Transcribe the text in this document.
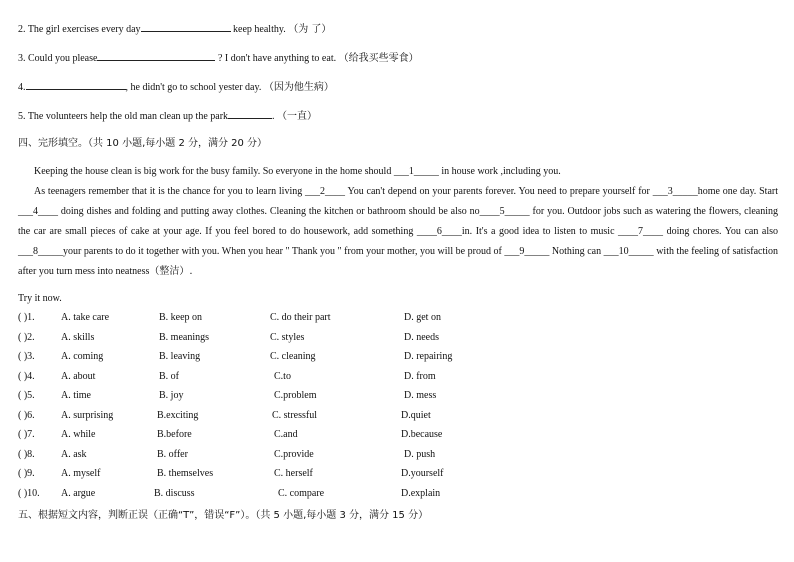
2. The girl exercises every day	keep healthy. （为 了）
3. Could you please	? I don't have anything to eat. （给我买些零食）
4.	, he didn't go to school yester day. （因为他生病）
5. The volunteers help the old man clean up the park	. （一直）
四、完形填空。（共 10 小题,每小题 2 分，满分 20 分）

Keeping the house clean is big work for the busy family. So everyone in the home should ___1_____ in house work ,including you.

As teenagers remember that it is the chance for you to learn living ___2____ You can't depend on your parents forever. You need to prepare yourself for ___3_____home one day. Start ___4____ doing dishes and folding and putting away clothes. Cleaning the kitchen or bathroom should be also no____5_____ for you. Outdoor jobs such as watering the flowers, cleaning the car are small pieces of cake at your age. If you feel bored to do housework, add something ____6____in. It's a good idea to listen to music ____7____ doing chores. You can also ___8_____your parents to do it together with you. When you hear " Thank you " from your mother, you will be proud of ___9_____ Nothing can ___10_____ with the feeling of satisfaction after you turn mess into neatness（整洁）.

Try it now.
( )1.	A. take care	B. keep on	C. do their part	D. get on
( )2.	A. skills	B. meanings	C. styles	D. needs
( )3.	A. coming	B. leaving	C. cleaning	D. repairing
( )4.	A. about	B. of	C.to	D. from
( )5.	A. time	B. joy	C.problem	D. mess
( )6.	A. surprising	B.exciting	C. stressful	D.quiet
( )7.	A. while	B.before	C.and	D.because
( )8.	A. ask	B. offer	C.provide	D. push
( )9.	A. myself	B. themselves	C. herself	D.yourself
( )10. A. argue	B. discuss	C. compare	D.explain
五、根据短文内容，判断正误（正确“T”，错误“F”）。（共 5 小题,每小题 3 分，满分 15 分）
